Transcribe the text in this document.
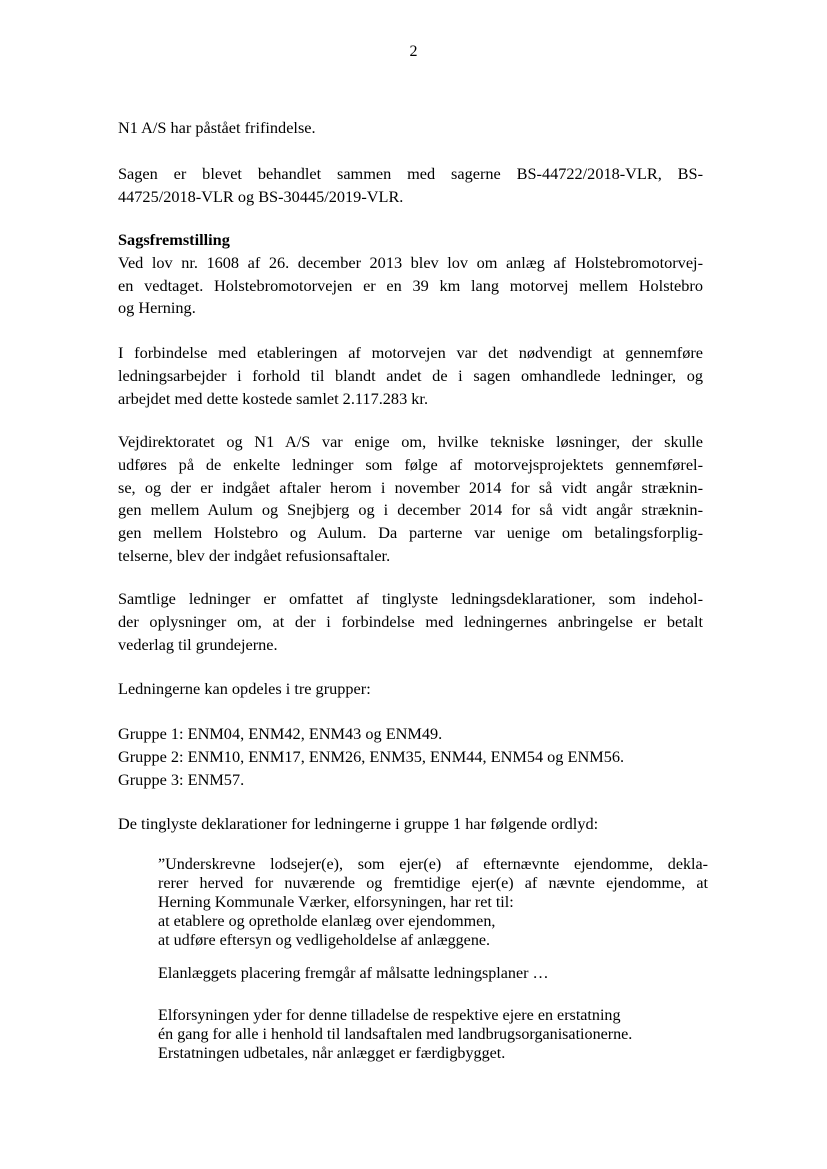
2
N1 A/S har påstået frifindelse.
Sagen er blevet behandlet sammen med sagerne BS-44722/2018-VLR, BS-
44725/2018-VLR og BS-30445/2019-VLR.
Sagsfremstilling
Ved lov nr. 1608 af 26. december 2013 blev lov om anlæg af Holstebromotorvej-
en vedtaget. Holstebromotorvejen er en 39 km lang motorvej mellem Holstebro
og Herning.
I forbindelse med etableringen af motorvejen var det nødvendigt at gennemføre
ledningsarbejder i forhold til blandt andet de i sagen omhandlede ledninger, og
arbejdet med dette kostede samlet 2.117.283 kr.
Vejdirektoratet og N1 A/S var enige om, hvilke tekniske løsninger, der skulle
udføres på de enkelte ledninger som følge af motorvejsprojektets gennemførel-
se, og der er indgået aftaler herom i november 2014 for så vidt angår stræknin-
gen mellem Aulum og Snejbjerg og i december 2014 for så vidt angår stræknin-
gen mellem Holstebro og Aulum. Da parterne var uenige om betalingsforplig-
telserne, blev der indgået refusionsaftaler.
Samtlige ledninger er omfattet af tinglyste ledningsdeklarationer, som indehol-
der oplysninger om, at der i forbindelse med ledningernes anbringelse er betalt
vederlag til grundejerne.
Ledningerne kan opdeles i tre grupper:
Gruppe 1: ENM04, ENM42, ENM43 og ENM49.
Gruppe 2: ENM10, ENM17, ENM26, ENM35, ENM44, ENM54 og ENM56.
Gruppe 3: ENM57.
De tinglyste deklarationer for ledningerne i gruppe 1 har følgende ordlyd:
”Underskrevne lodsejer(e), som ejer(e) af efternævnte ejendomme, dekla-
rerer herved for nuværende og fremtidige ejer(e) af nævnte ejendomme, at
Herning Kommunale Værker, elforsyningen, har ret til:
at etablere og opretholde elanlæg over ejendommen,
at udføre eftersyn og vedligeholdelse af anlæggene.
Elanlæggets placering fremgår af målsatte ledningsplaner …
Elforsyningen yder for denne tilladelse de respektive ejere en erstatning
én gang for alle i henhold til landsaftalen med landbrugsorganisationerne.
Erstatningen udbetales, når anlægget er færdigbygget.
